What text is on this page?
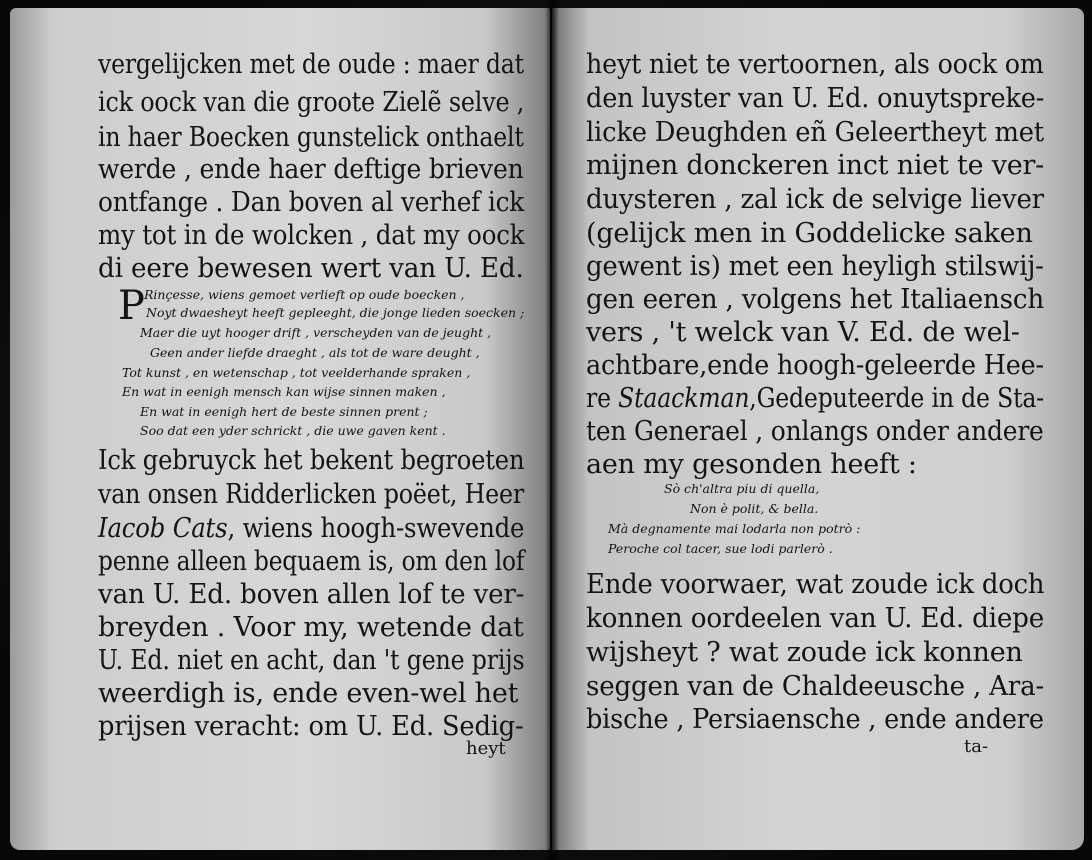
vergelijcken met de oude : maer dat
ick oock van die groote Zielẽ selve ,
in haer Boecken gunstelick onthaelt
werde , ende haer deftige brieven
ontfange . Dan boven al verhef ick
my tot in de wolcken , dat my oock
di eere bewesen wert van U. Ed.
P Rinçesse, wiens gemoet verlieft op oude boecken ,
Noyt dwaesheyt heeft gepleeght, die jonge lieden soecken ;
Maer die uyt hooger drift , verscheyden van de jeught ,
Geen ander liefde draeght , als tot de ware deught ,
Tot kunst , en wetenschap , tot veelderhande spraken ,
En wat in eenigh mensch kan wijse sinnen maken ,
En wat in eenigh hert de beste sinnen prent ;
Soo dat een yder schrickt , die uwe gaven kent .
Ick gebruyck het bekent begroeten
van onsen Ridderlicken poëet, Heer
Iacob Cats, wiens hoogh-swevende
penne alleen bequaem is, om den lof
van U. Ed. boven allen lof te ver-
breyden . Voor my, wetende dat
U. Ed. niet en acht, dan 't gene prijs
weerdigh is, ende even-wel het
prijsen veracht: om U. Ed. Sedig-
heyt
heyt niet te vertoornen, als oock om
den luyster van U. Ed. onuytspreke-
licke Deughden eñ Geleertheyt met
mijnen donckeren inct niet te ver-
duysteren , zal ick de selvige liever
(gelijck men in Goddelicke saken
gewent is) met een heyligh stilswij-
gen eeren , volgens het Italiaensch
vers , 't welck van V. Ed. de wel-
achtbare,ende hoogh-geleerde Hee-
re Staackman,Gedeputeerde in de Sta-
ten Generael , onlangs onder andere
aen my gesonden heeft :
Sò ch'altra piu di quella,
Non è polit, & bella.
Mà degnamente mai lodarla non potrò :
Peroche col tacer, sue lodi parlerò .
Ende voorwaer, wat zoude ick doch
konnen oordeelen van U. Ed. diepe
wijsheyt ? wat zoude ick konnen
seggen van de Chaldeeusche , Ara-
bische , Persiaensche , ende andere
ta-
